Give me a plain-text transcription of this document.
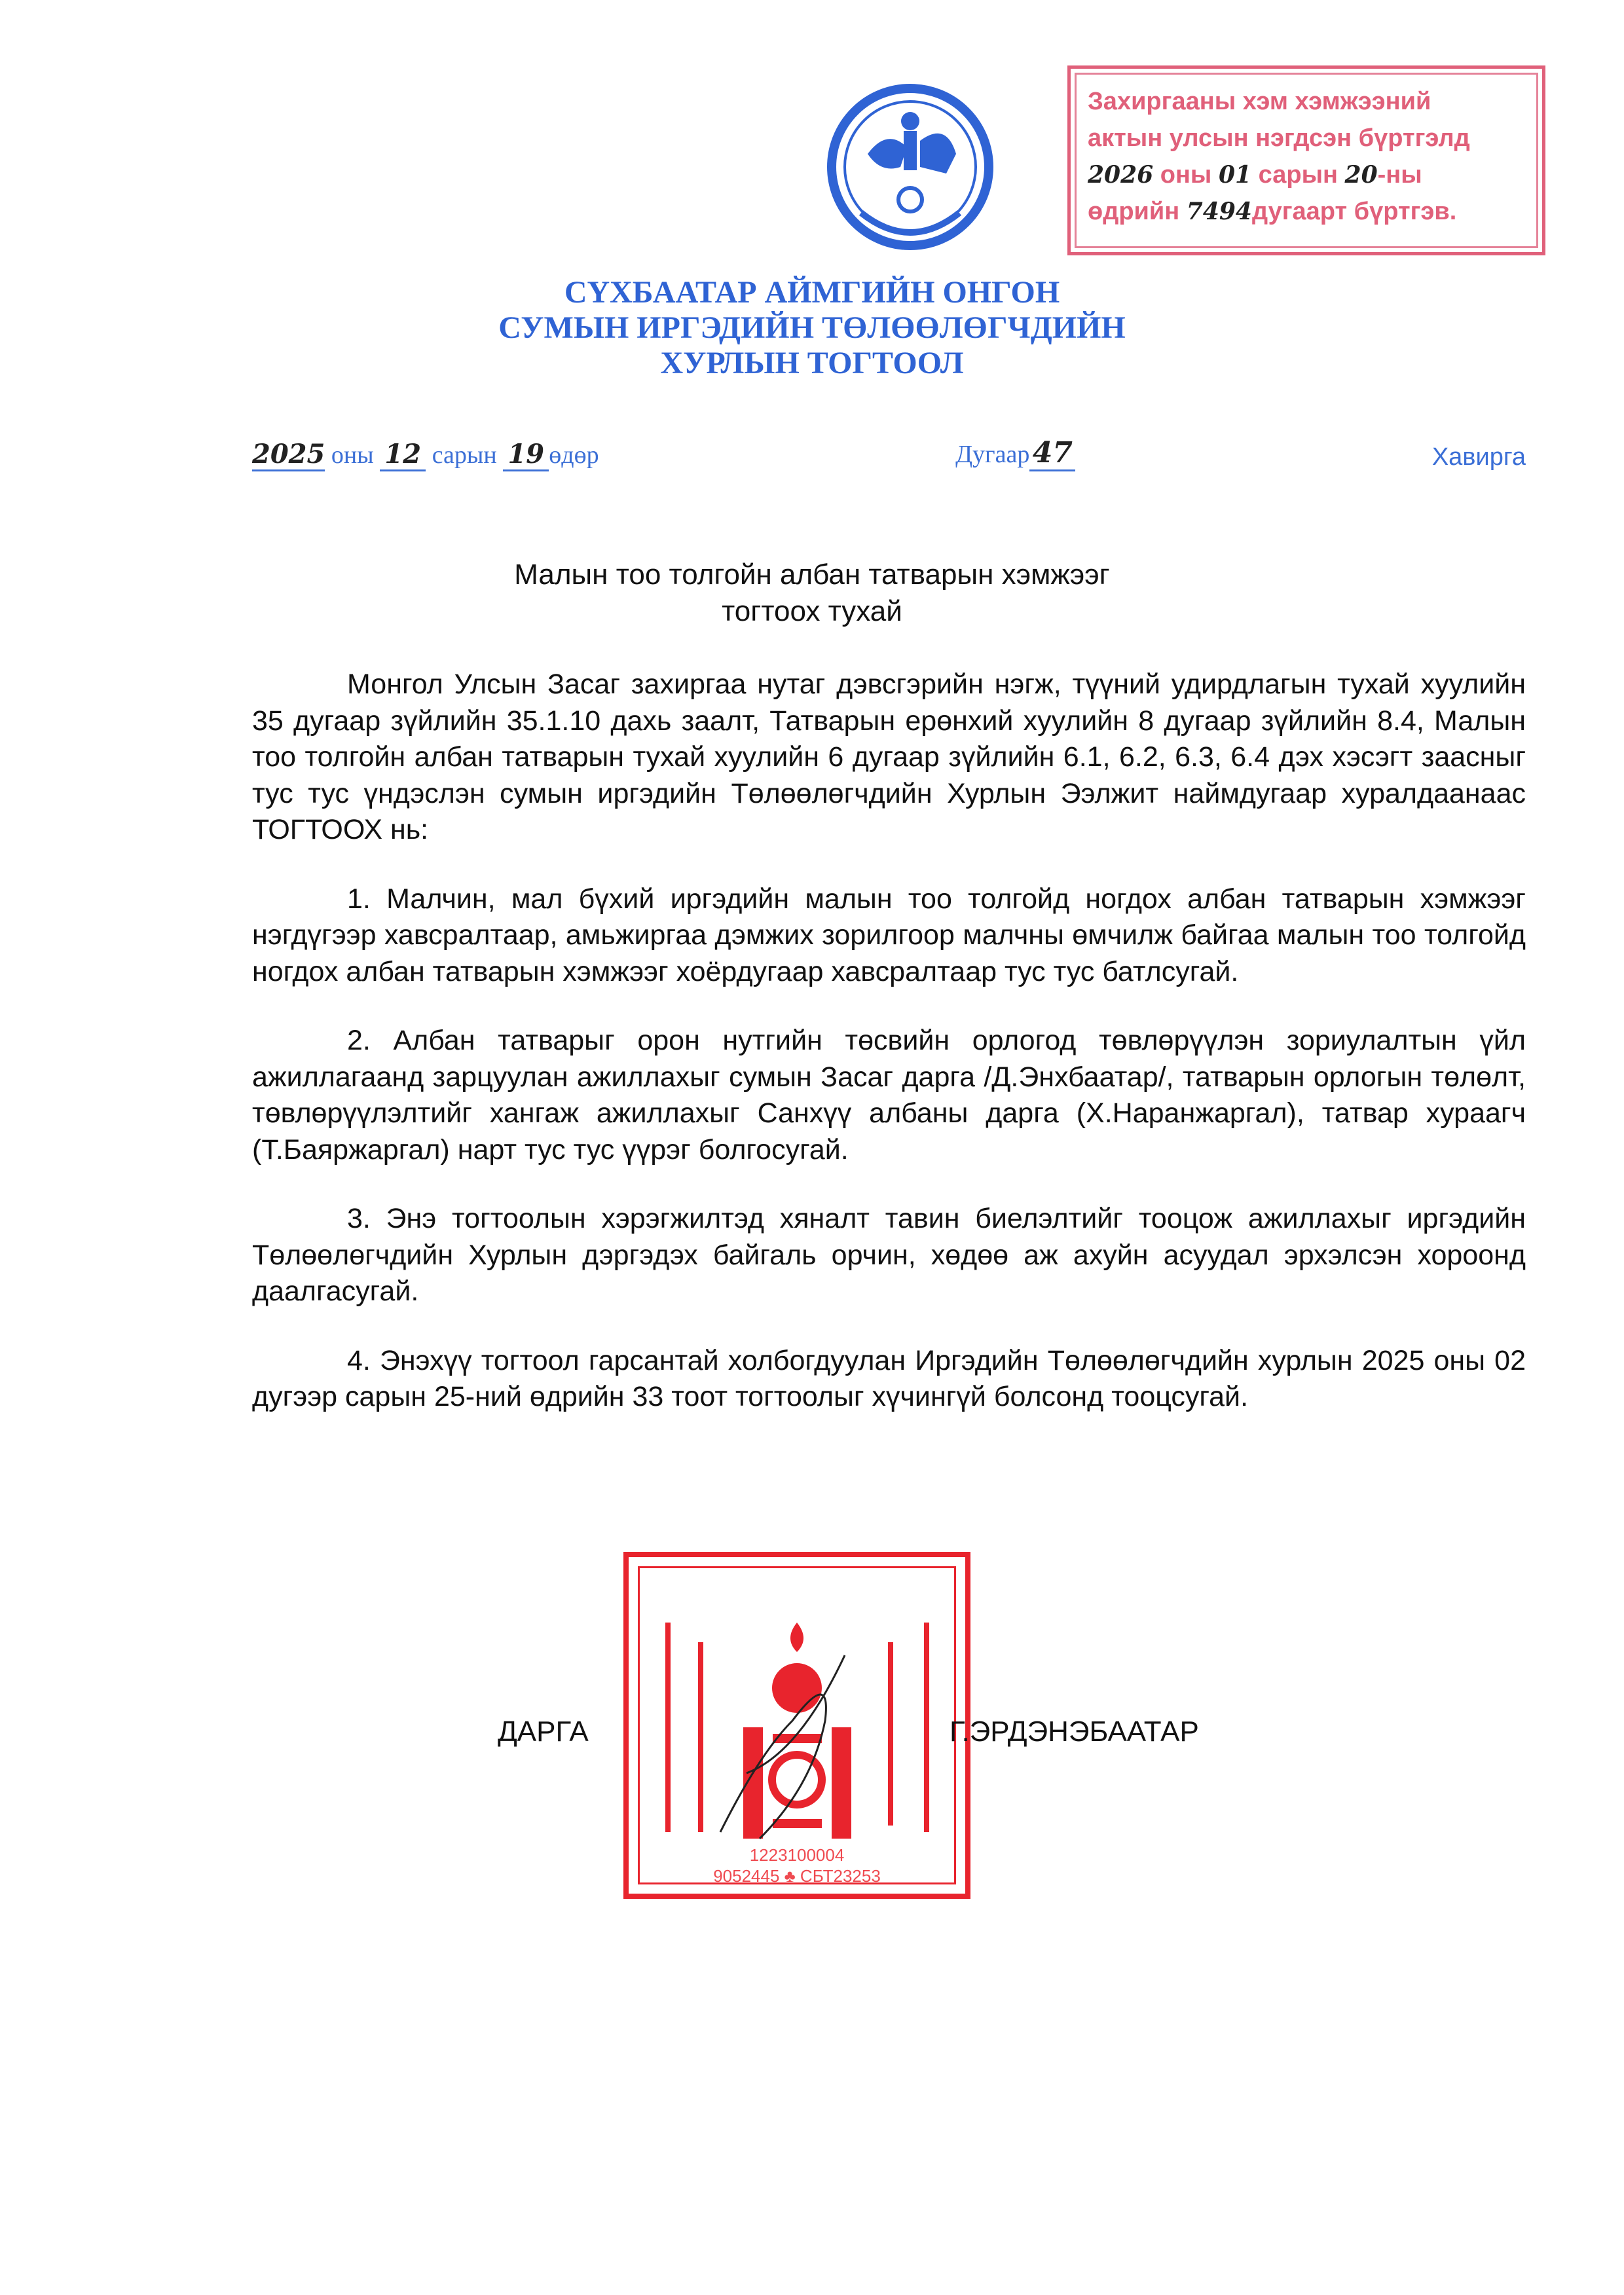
Захиргааны хэм хэмжээний
актын улсын нэгдсэн бүртгэлд
2026 оны 01 сарын 20-ны
өдрийн 7494дугаарт бүртгэв.
СҮХБААТАР АЙМГИЙН ОНГОН
СУМЫН ИРГЭДИЙН ТӨЛӨӨЛӨГЧДИЙН
ХУРЛЫН ТОГТООЛ
2025 оны 12 сарын 19 өдөр	Дугаар47	Хавирга
Малын тоо толгойн албан татварын хэмжээг
тогтоох тухай

Монгол Улсын Засаг захиргаа нутаг дэвсгэрийн нэгж, түүний удирдлагын тухай хуулийн 35 дугаар зүйлийн 35.1.10 дахь заалт, Татварын ерөнхий хуулийн 8 дугаар зүйлийн 8.4, Малын тоо толгойн албан татварын тухай хуулийн 6 дугаар зүйлийн 6.1, 6.2, 6.3, 6.4 дэх хэсэгт заасныг тус тус үндэслэн сумын иргэдийн Төлөөлөгчдийн Хурлын Ээлжит наймдугаар хуралдаанаас ТОГТООХ нь:

1. Малчин, мал бүхий иргэдийн малын тоо толгойд ногдох албан татварын хэмжээг нэгдүгээр хавсралтаар, амьжиргаа дэмжих зорилгоор малчны өмчилж байгаа малын тоо толгойд ногдох албан татварын хэмжээг хоёрдугаар хавсралтаар тус тус батлсугай.

2. Албан татварыг орон нутгийн төсвийн орлогод төвлөрүүлэн зориулалтын үйл ажиллагаанд зарцуулан ажиллахыг сумын Засаг дарга /Д.Энхбаатар/, татварын орлогын төлөлт, төвлөрүүлэлтийг хангаж ажиллахыг Санхүү албаны дарга (Х.Наранжаргал), татвар хураагч (Т.Баяржаргал) нарт тус тус үүрэг болгосугай.

3. Энэ тогтоолын хэрэгжилтэд хяналт тавин биелэлтийг тооцож ажиллахыг иргэдийн Төлөөлөгчдийн Хурлын дэргэдэх байгаль орчин, хөдөө аж ахуйн асуудал эрхэлсэн хороонд даалгасугай.

4. Энэхүү тогтоол гарсантай холбогдуулан Иргэдийн Төлөөлөгчдийн хурлын 2025 оны 02 дугээр сарын 25-ний өдрийн 33 тоот тогтоолыг хүчингүй болсонд тооцсугай.

1223100004
9052445 ♣ СБТ23253
ДАРГА	Г.ЭРДЭНЭБААТАР
